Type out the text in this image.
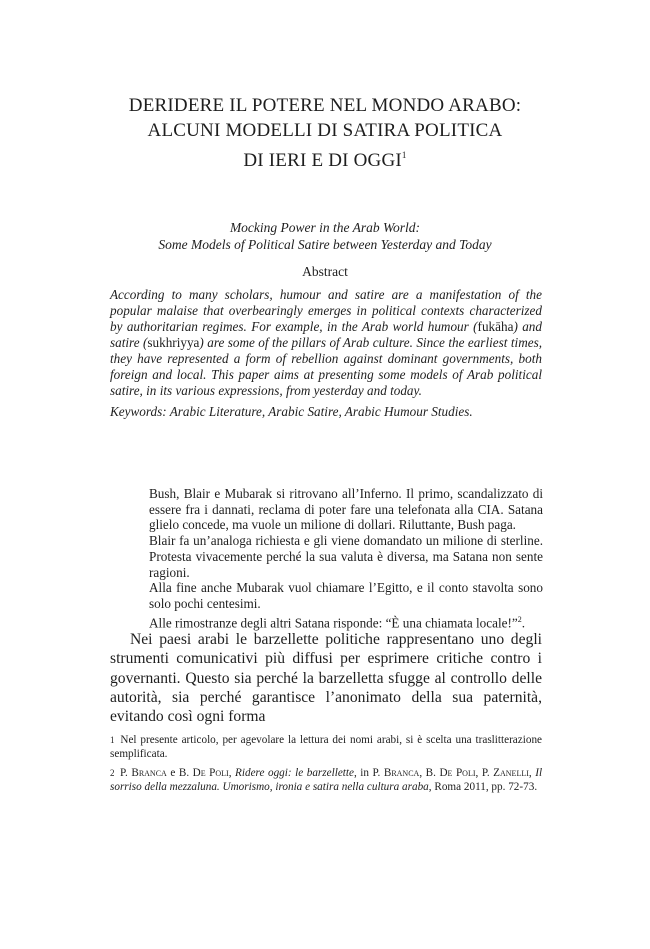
DERIDERE IL POTERE NEL MONDO ARABO:
ALCUNI MODELLI DI SATIRA POLITICA
DI IERI E DI OGGI$^1$
Mocking Power in the Arab World:
Some Models of Political Satire between Yesterday and Today
Abstract
According to many scholars, humour and satire are a manifestation of the popular malaise that overbearingly emerges in political contexts characterized by authoritarian regimes. For example, in the Arab world humour (fukāha) and satire (sukhriyya) are some of the pillars of Arab culture. Since the earliest times, they have represented a form of rebellion against dominant governments, both foreign and local. This paper aims at presenting some models of Arab political satire, in its various expressions, from yesterday and today.
Keywords: Arabic Literature, Arabic Satire, Arabic Humour Studies.

Bush, Blair e Mubarak si ritrovano all’Inferno. Il primo, scandalizzato di essere fra i dannati, reclama di poter fare una telefonata alla CIA. Satana glielo concede, ma vuole un milione di dollari. Riluttante, Bush paga.

Blair fa un’analoga richiesta e gli viene domandato un milione di sterline. Protesta vivacemente perché la sua valuta è diversa, ma Satana non sente ragioni.

Alla fine anche Mubarak vuol chiamare l’Egitto, e il conto stavolta sono solo pochi centesimi.

Alle rimostranze degli altri Satana risponde: “È una chiamata locale!”$^2$.

Nei paesi arabi le barzellette politiche rappresentano uno degli strumenti comunicativi più diffusi per esprimere critiche contro i governanti. Questo sia perché la barzelletta sfugge al controllo delle autorità, sia perché garantisce l’anonimato della sua paternità, evitando così ogni forma

1 Nel presente articolo, per agevolare la lettura dei nomi arabi, si è scelta una traslitterazione semplificata.

2 P. Branca e B. De Poli, Ridere oggi: le barzellette, in P. Branca, B. De Poli, P. Zanelli, Il sorriso della mezzaluna. Umorismo, ironia e satira nella cultura araba, Roma 2011, pp. 72-73.
